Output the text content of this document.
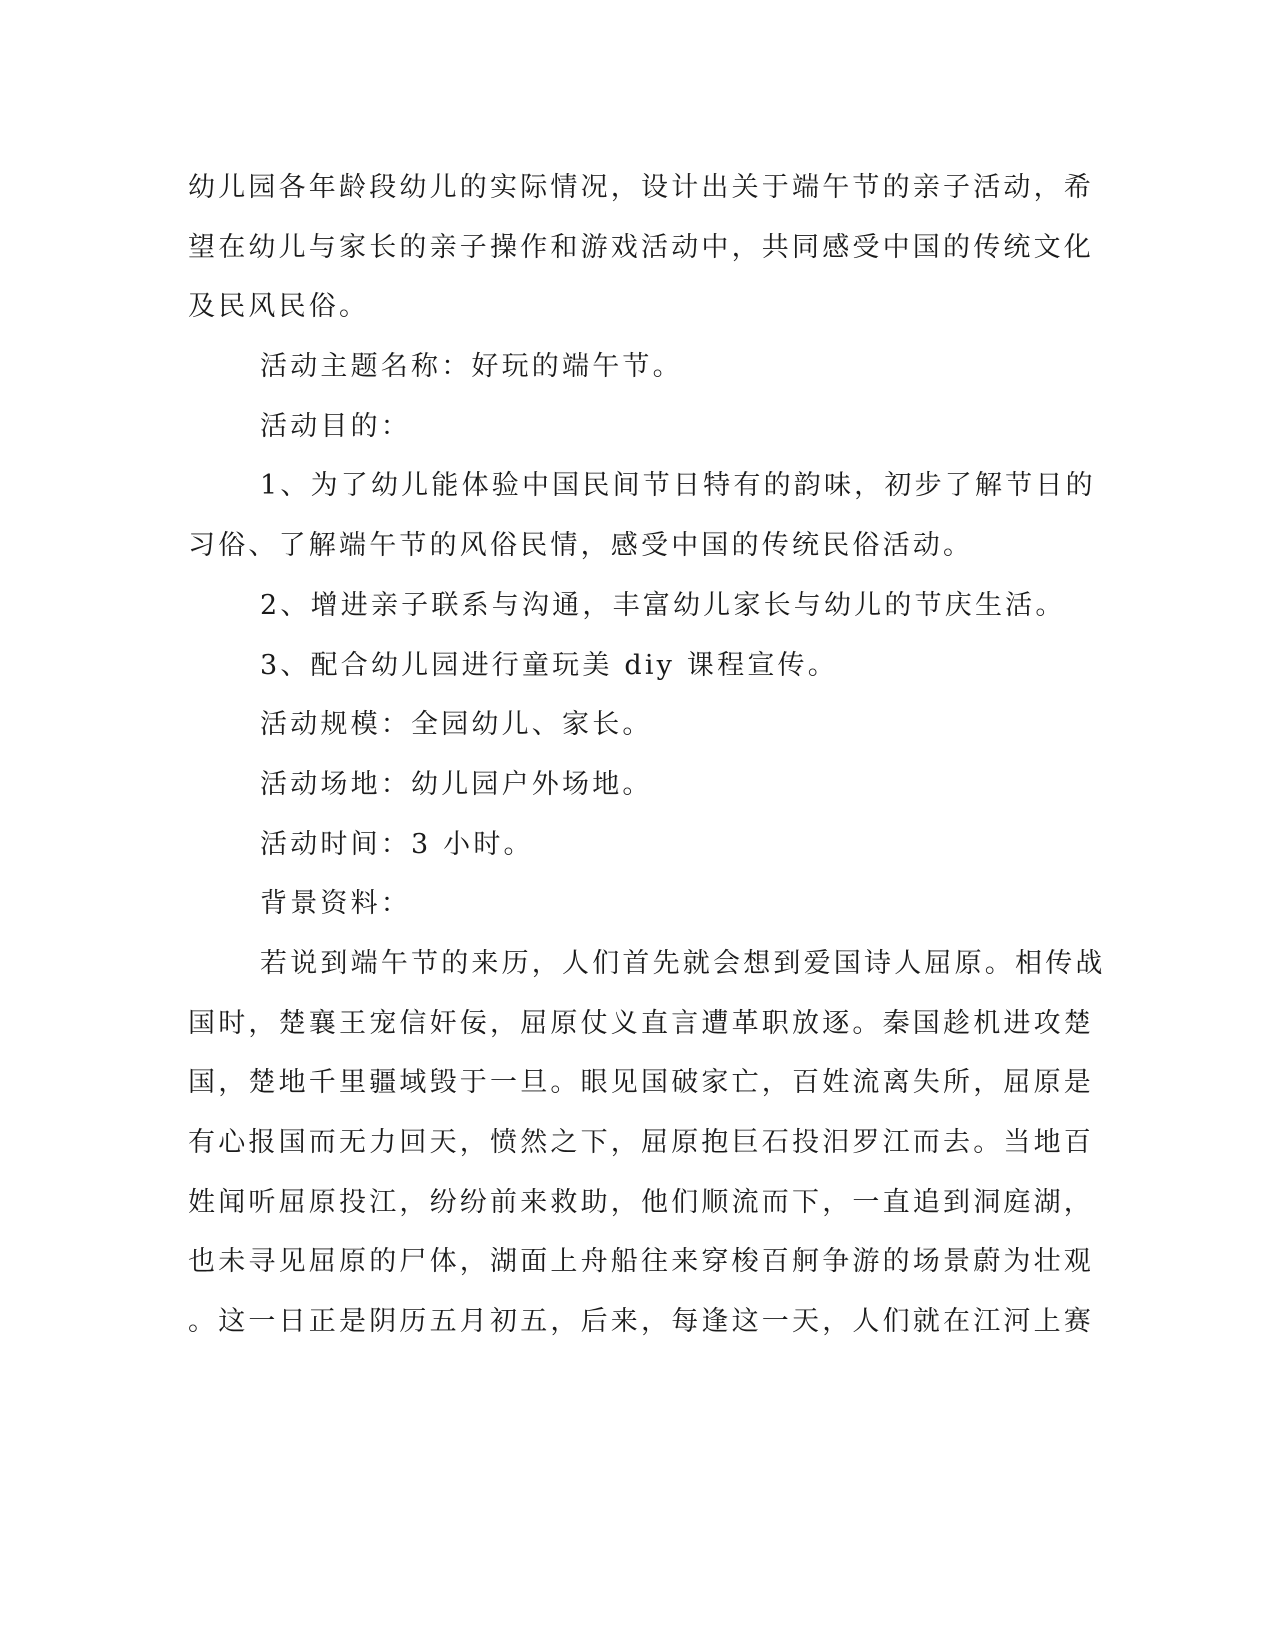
幼儿园各年龄段幼儿的实际情况，设计出关于端午节的亲子活动，希
望在幼儿与家长的亲子操作和游戏活动中，共同感受中国的传统文化
及民风民俗。
活动主题名称：好玩的端午节。
活动目的：
1、为了幼儿能体验中国民间节日特有的韵味，初步了解节日的
习俗、了解端午节的风俗民情，感受中国的传统民俗活动。
2、增进亲子联系与沟通，丰富幼儿家长与幼儿的节庆生活。
3、配合幼儿园进行童玩美 diy 课程宣传。
活动规模：全园幼儿、家长。
活动场地：幼儿园户外场地。
活动时间：3 小时。
背景资料：
若说到端午节的来历，人们首先就会想到爱国诗人屈原。相传战
国时，楚襄王宠信奸佞，屈原仗义直言遭革职放逐。秦国趁机进攻楚
国，楚地千里疆域毁于一旦。眼见国破家亡，百姓流离失所，屈原是
有心报国而无力回天，愤然之下，屈原抱巨石投汨罗江而去。当地百
姓闻听屈原投江，纷纷前来救助，他们顺流而下，一直追到洞庭湖，
也未寻见屈原的尸体，湖面上舟船往来穿梭百舸争游的场景蔚为壮观
。这一日正是阴历五月初五，后来，每逢这一天，人们就在江河上赛
